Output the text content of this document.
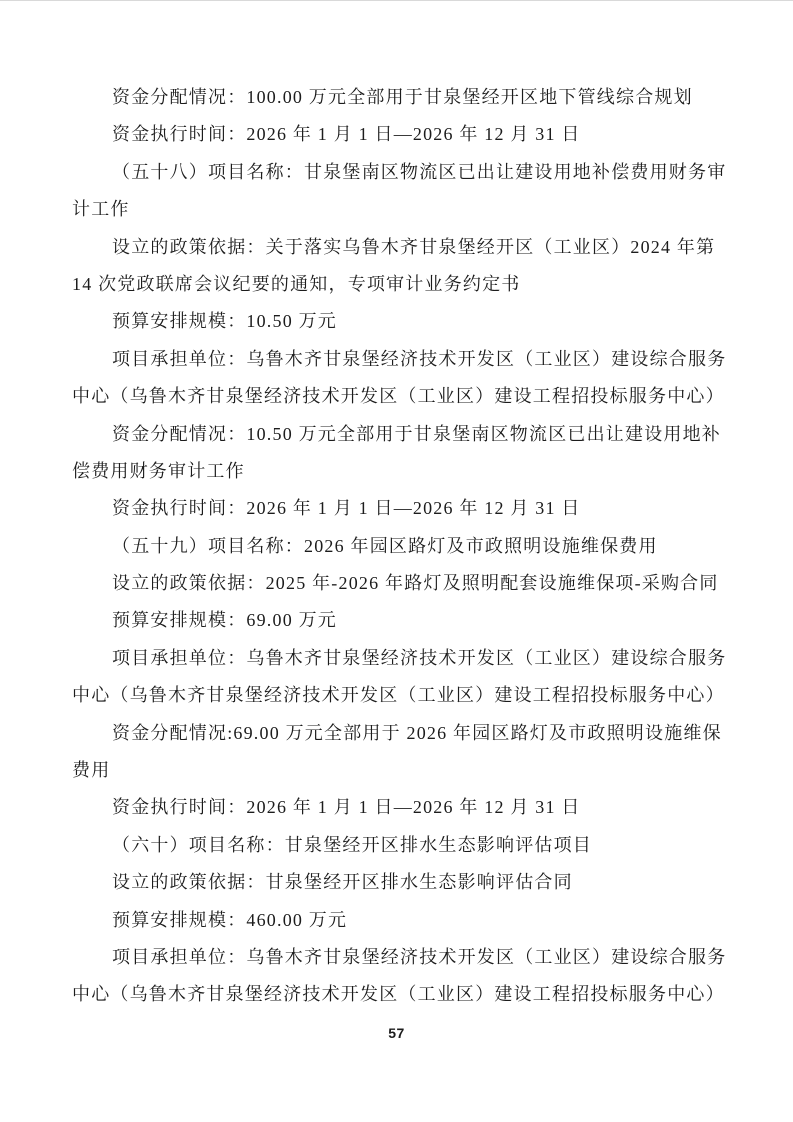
资金分配情况：100.00 万元全部用于甘泉堡经开区地下管线综合规划
资金执行时间：2026 年 1 月 1 日—2026 年 12 月 31 日
（五十八）项目名称：甘泉堡南区物流区已出让建设用地补偿费用财务审
计工作
设立的政策依据：关于落实乌鲁木齐甘泉堡经开区（工业区）2024 年第
14 次党政联席会议纪要的通知，专项审计业务约定书
预算安排规模：10.50 万元
项目承担单位：乌鲁木齐甘泉堡经济技术开发区（工业区）建设综合服务
中心（乌鲁木齐甘泉堡经济技术开发区（工业区）建设工程招投标服务中心）
资金分配情况：10.50 万元全部用于甘泉堡南区物流区已出让建设用地补
偿费用财务审计工作
资金执行时间：2026 年 1 月 1 日—2026 年 12 月 31 日
（五十九）项目名称：2026 年园区路灯及市政照明设施维保费用
设立的政策依据：2025 年-2026 年路灯及照明配套设施维保项-采购合同
预算安排规模：69.00 万元
项目承担单位：乌鲁木齐甘泉堡经济技术开发区（工业区）建设综合服务
中心（乌鲁木齐甘泉堡经济技术开发区（工业区）建设工程招投标服务中心）
资金分配情况:69.00 万元全部用于 2026 年园区路灯及市政照明设施维保
费用
资金执行时间：2026 年 1 月 1 日—2026 年 12 月 31 日
（六十）项目名称：甘泉堡经开区排水生态影响评估项目
设立的政策依据：甘泉堡经开区排水生态影响评估合同
预算安排规模：460.00 万元
项目承担单位：乌鲁木齐甘泉堡经济技术开发区（工业区）建设综合服务
中心（乌鲁木齐甘泉堡经济技术开发区（工业区）建设工程招投标服务中心）
57
